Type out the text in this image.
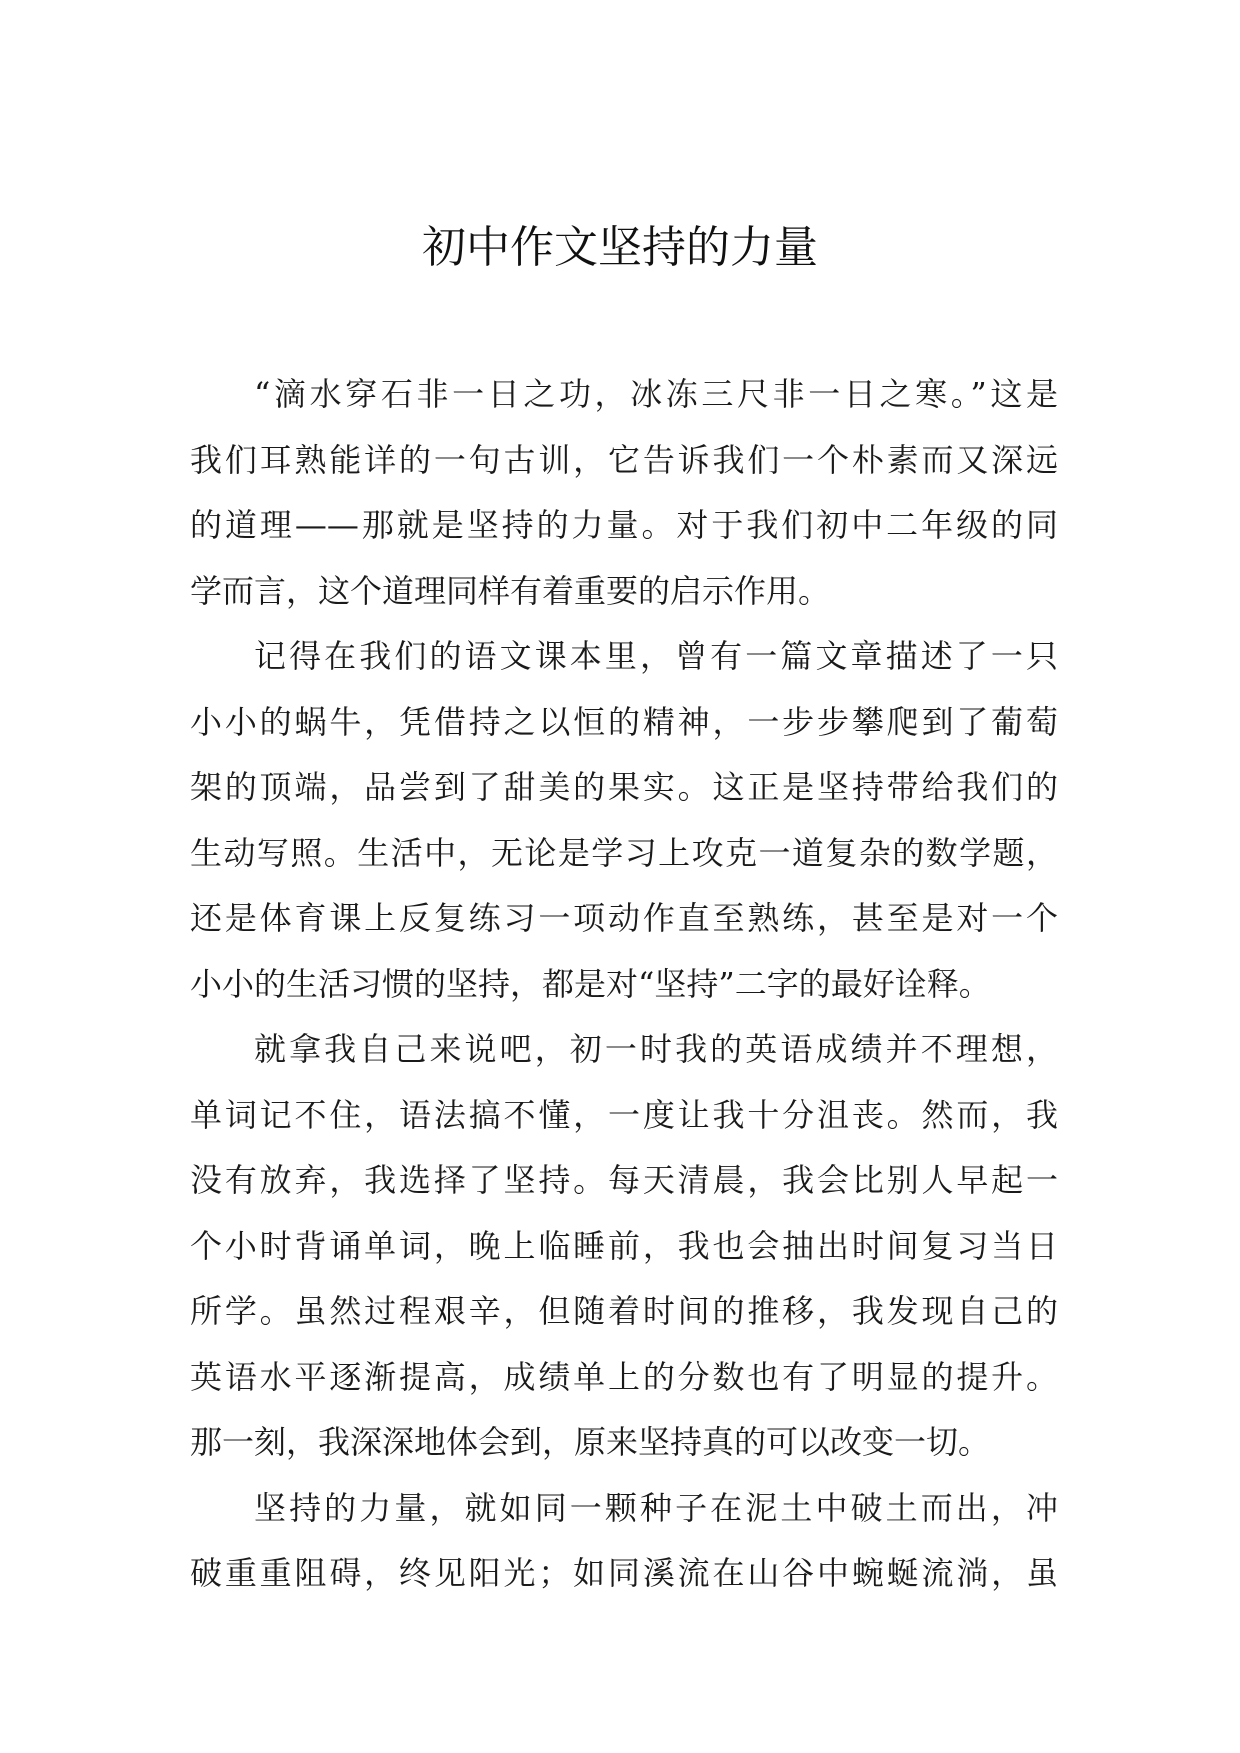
初中作文坚持的力量
“滴水穿石非一日之功，冰冻三尺非一日之寒。”这是
我们耳熟能详的一句古训，它告诉我们一个朴素而又深远
的道理——那就是坚持的力量。对于我们初中二年级的同
学而言，这个道理同样有着重要的启示作用。
记得在我们的语文课本里，曾有一篇文章描述了一只
小小的蜗牛，凭借持之以恒的精神，一步步攀爬到了葡萄
架的顶端，品尝到了甜美的果实。这正是坚持带给我们的
生动写照。生活中，无论是学习上攻克一道复杂的数学题，
还是体育课上反复练习一项动作直至熟练，甚至是对一个
小小的生活习惯的坚持，都是对“坚持”二字的最好诠释。
就拿我自己来说吧，初一时我的英语成绩并不理想，
单词记不住，语法搞不懂，一度让我十分沮丧。然而，我
没有放弃，我选择了坚持。每天清晨，我会比别人早起一
个小时背诵单词，晚上临睡前，我也会抽出时间复习当日
所学。虽然过程艰辛，但随着时间的推移，我发现自己的
英语水平逐渐提高，成绩单上的分数也有了明显的提升。
那一刻，我深深地体会到，原来坚持真的可以改变一切。
坚持的力量，就如同一颗种子在泥土中破土而出，冲
破重重阻碍，终见阳光；如同溪流在山谷中蜿蜒流淌，虽
